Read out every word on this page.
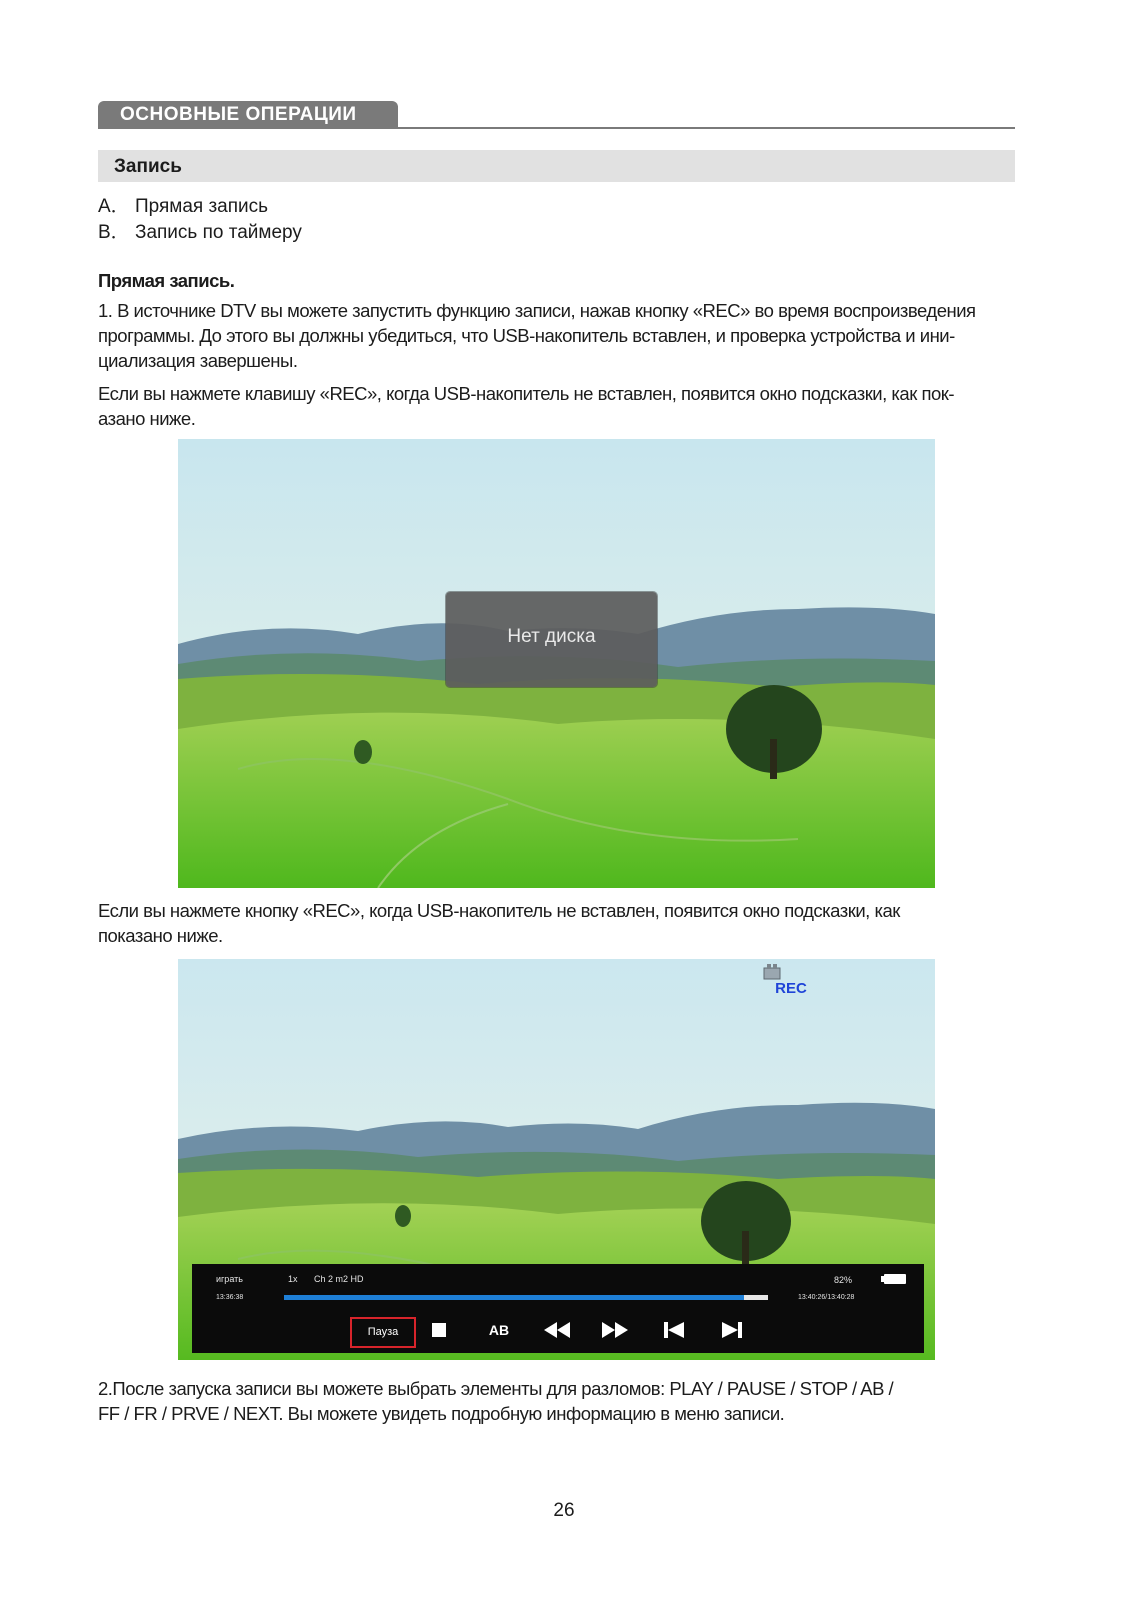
ОСНОВНЫЕ ОПЕРАЦИИ
Запись
A． Прямая запись
B． Запись по таймеру
Прямая запись.
1. В источнике DTV вы можете запустить функцию записи, нажав кнопку «REC» во время воспроизведения
программы. До этого вы должны убедиться, что USB-накопитель вставлен, и проверка устройства и ини-
циализация завершены.
Если вы нажмете клавишу «REC», когда USB-накопитель не вставлен, появится окно подсказки, как пок-
азано ниже.
Нет диска
Если вы нажмете кнопку «REC», когда USB-накопитель не вставлен, появится окно подсказки, как
показано ниже.
REC
играть	1x Ch 2 m2 HD
13:36:38
82%
13:40:26/13:40:28
Пауза	AB
2.После запуска записи вы можете выбрать элементы для разломов: PLAY / PAUSE / STOP / AB /
FF / FR / PRVE / NEXT. Вы можете увидеть подробную информацию в меню записи.
26
